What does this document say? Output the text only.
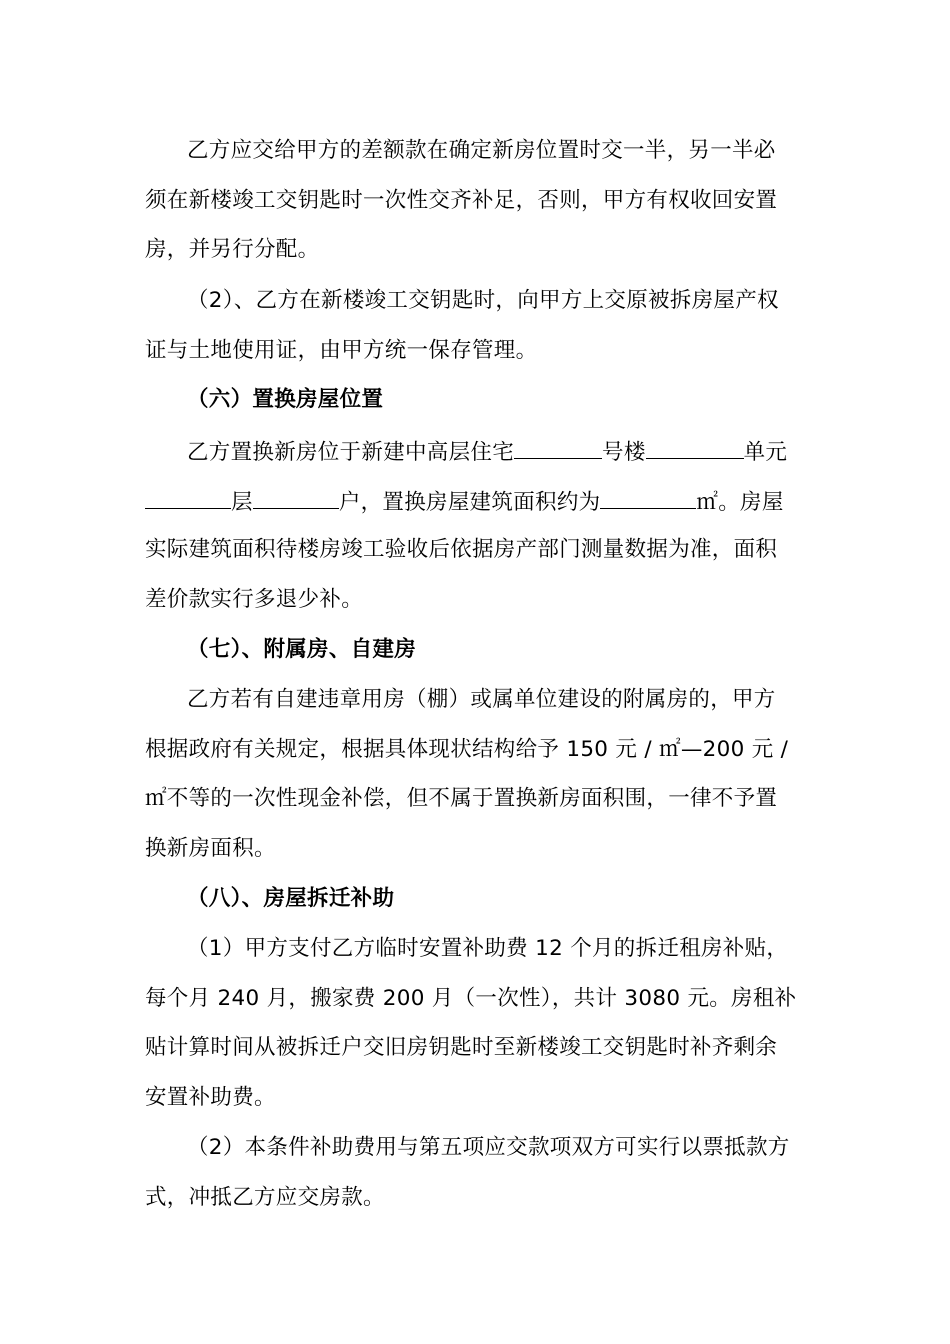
乙方应交给甲方的差额款在确定新房位置时交一半，另一半必
须在新楼竣工交钥匙时一次性交齐补足，否则，甲方有权收回安置
房，并另行分配。
（2）、乙方在新楼竣工交钥匙时，向甲方上交原被拆房屋产权
证与土地使用证，由甲方统一保存管理。
（六）置换房屋位置
乙方置换新房位于新建中高层住宅	号楼	单元
层	户，置换房屋建筑面积约为	㎡。房屋
实际建筑面积待楼房竣工验收后依据房产部门测量数据为准，面积
差价款实行多退少补。
（七）、附属房、自建房
乙方若有自建违章用房（棚）或属单位建设的附属房的，甲方
根据政府有关规定，根据具体现状结构给予 150 元 / ㎡—200 元 /
㎡不等的一次性现金补偿，但不属于置换新房面积围，一律不予置
换新房面积。
（八）、房屋拆迁补助
（1）甲方支付乙方临时安置补助费 12 个月的拆迁租房补贴，
每个月 240 月，搬家费 200 月（一次性），共计 3080 元。房租补
贴计算时间从被拆迁户交旧房钥匙时至新楼竣工交钥匙时补齐剩余
安置补助费。
（2）本条件补助费用与第五项应交款项双方可实行以票抵款方
式，冲抵乙方应交房款。
